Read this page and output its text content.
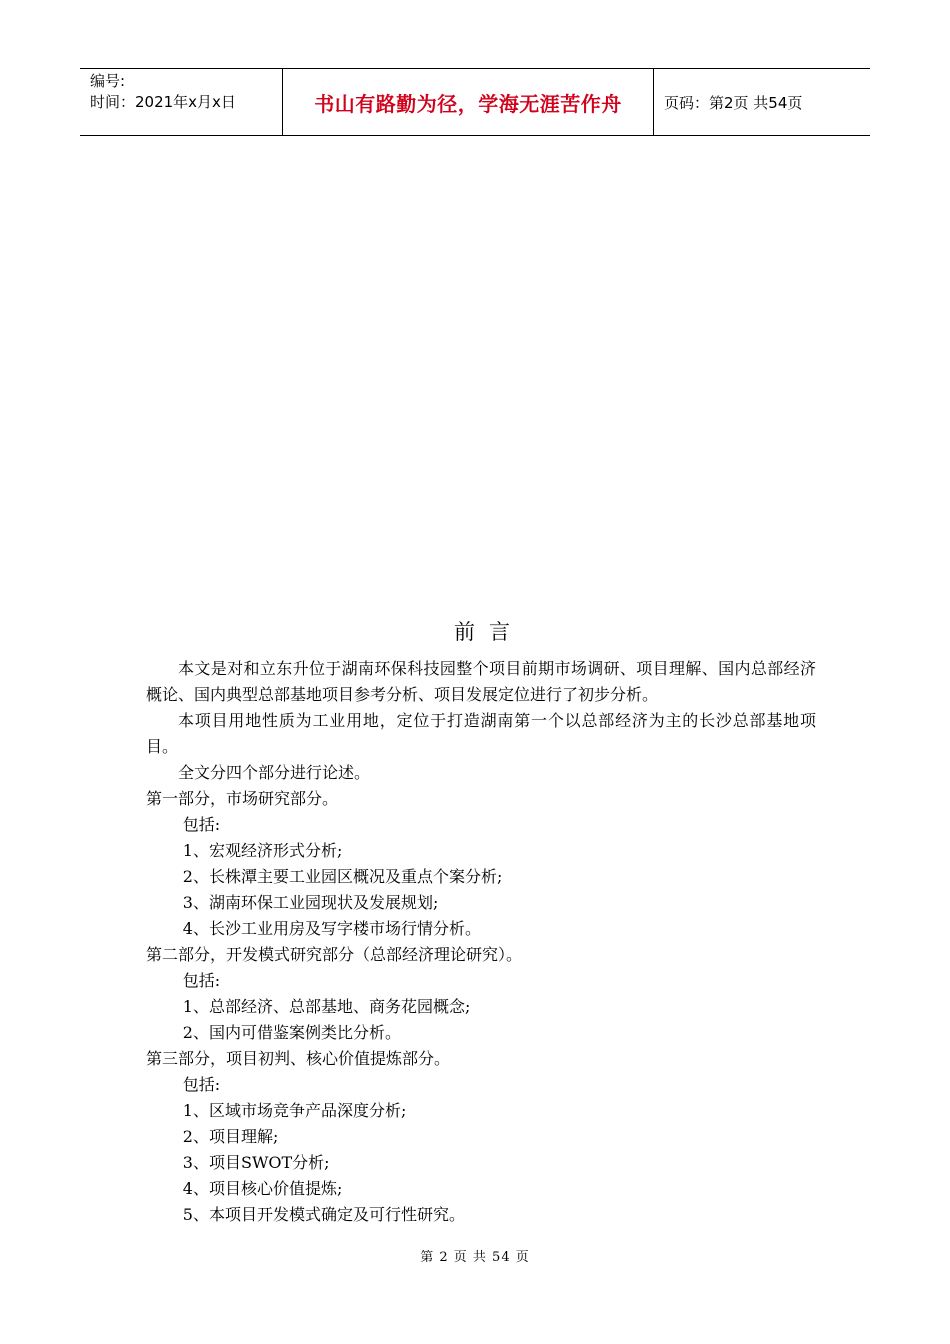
编号:
时间：2021年x月x日	书山有路勤为径，学海无涯苦作舟	页码：第2页 共54页
前言

本文是对和立东升位于湖南环保科技园整个项目前期市场调研、项目理解、国内总部经济概论、国内典型总部基地项目参考分析、项目发展定位进行了初步分析。

本项目用地性质为工业用地，定位于打造湖南第一个以总部经济为主的长沙总部基地项目。

全文分四个部分进行论述。

第一部分，市场研究部分。

包括:

1、宏观经济形式分析;

2、长株潭主要工业园区概况及重点个案分析;

3、湖南环保工业园现状及发展规划;

4、长沙工业用房及写字楼市场行情分析。

第二部分，开发模式研究部分（总部经济理论研究）。

包括:

1、总部经济、总部基地、商务花园概念;

2、国内可借鉴案例类比分析。

第三部分，项目初判、核心价值提炼部分。

包括:

1、区域市场竞争产品深度分析;

2、项目理解;

3、项目SWOT分析;

4、项目核心价值提炼;

5、本项目开发模式确定及可行性研究。

第 2 页 共 54 页
